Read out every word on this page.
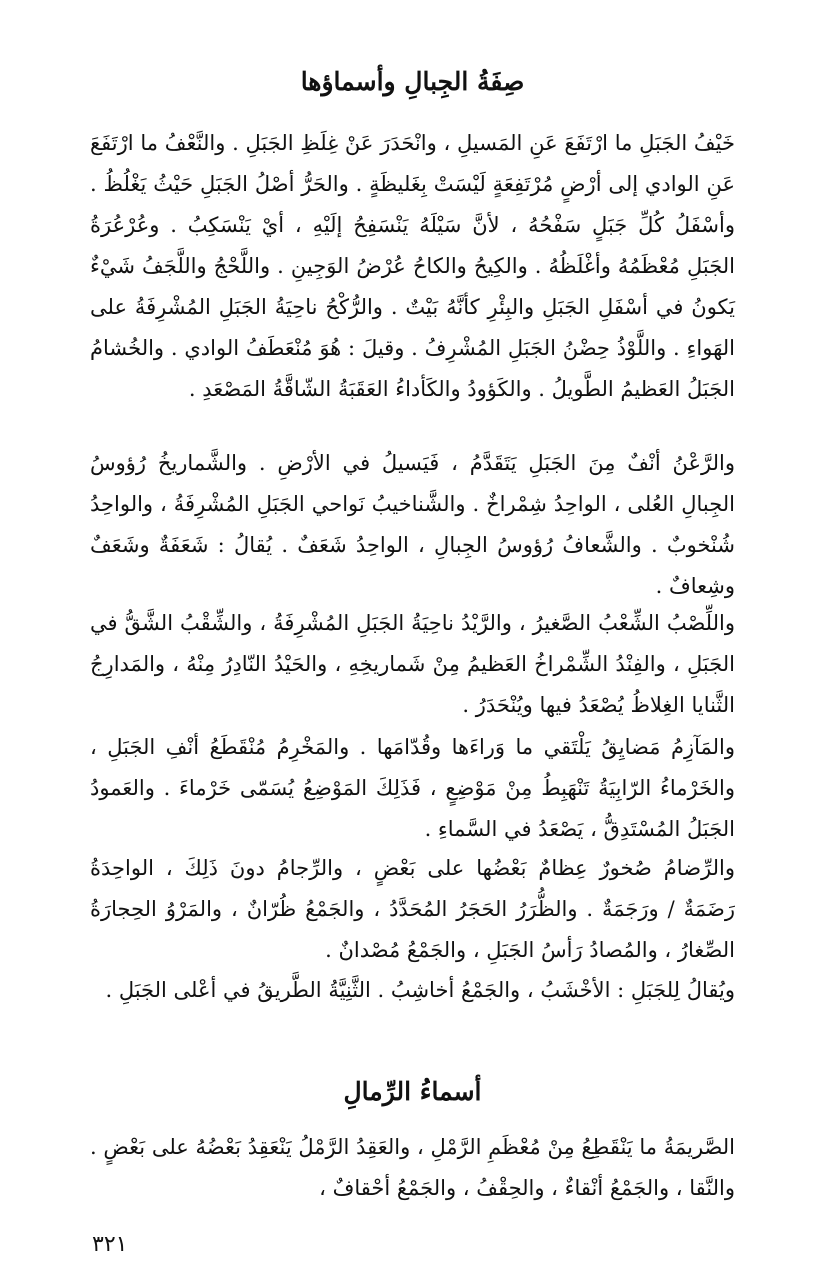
صِفَةُ الجِبالِ وأسماؤها

خَيْفُ الجَبَلِ ما ارْتَفَعَ عَنِ المَسيلِ ، وانْحَدَرَ عَنْ غِلَظِ الجَبَلِ . والنَّعْفُ ما ارْتَفَعَ عَنِ الوادي إلى أرْضٍ مُرْتَفِعَةٍ لَيْسَتْ بِغَليظَةٍ . والحَرُّ أصْلُ الجَبَلِ حَيْثُ يَغْلُظُ . وأسْفَلُ كُلِّ جَبَلٍ سَفْحُهُ ، لأنَّ سَيْلَهُ يَنْسَفِحُ إلَيْهِ ، أيْ يَنْسَكِبُ . وعُرْعُرَةُ الجَبَلِ مُعْظَمُهُ وأغْلَظُهُ . والكِيحُ والكاحُ عُرْضُ الوَجِينِ . واللَّحْجُ واللَّجَفُ شَيْءٌ يَكونُ في أسْفَلِ الجَبَلِ والبِئْرِ كأنَّهُ بَيْتٌ . والرُّكْحُ ناحِيَةُ الجَبَلِ المُشْرِفَةُ على الهَواءِ . واللَّوْذُ حِضْنُ الجَبَلِ المُشْرِفُ . وقيلَ : هُوَ مُنْعَطَفُ الوادي . والخُشامُ الجَبَلُ العَظيمُ الطَّويلُ . والكَؤودُ والكَأداءُ العَقَبَةُ الشّاقَّةُ المَصْعَدِ .

والرَّعْنُ أنْفٌ مِنَ الجَبَلِ يَتَقَدَّمُ ، فَيَسيلُ في الأرْضِ . والشَّماريخُ رُؤوسُ الجِبالِ العُلى ، الواحِدُ شِمْراخٌ . والشَّناخيبُ نَواحي الجَبَلِ المُشْرِفَةُ ، والواحِدُ شُنْخوبٌ . والشَّعافُ رُؤوسُ الجِبالِ ، الواحِدُ شَعَفٌ . يُقالُ : شَعَفَةٌ وشَعَفٌ وشِعافٌ .

واللِّصْبُ الشِّعْبُ الصَّغيرُ ، والرَّيْدُ ناحِيَةُ الجَبَلِ المُشْرِفَةُ ، والشِّقْبُ الشَّقُّ في الجَبَلِ ، والفِنْدُ الشِّمْراخُ العَظيمُ مِنْ شَماريخِهِ ، والحَيْدُ النّادِرُ مِنْهُ ، والمَدارِجُ الثَّنايا الغِلاظُ يُصْعَدُ فيها ويُنْحَدَرُ .

والمَآزِمُ مَضايِقُ يَلْتَقي ما وَراءَها وقُدّامَها . والمَخْرِمُ مُنْقَطَعُ أنْفِ الجَبَلِ ، والخَرْماءُ الرّابِيَةُ تَنْهَبِطُ مِنْ مَوْضِعٍ ، فَذَلِكَ المَوْضِعُ يُسَمّى خَرْماءَ . والعَمودُ الجَبَلُ المُسْتَدِقُّ ، يَصْعَدُ في السَّماءِ .

والرِّضامُ صُخورٌ عِظامٌ بَعْضُها على بَعْضٍ ، والرِّجامُ دونَ ذَلِكَ ، الواحِدَةُ رَضَمَةٌ / ورَجَمَةٌ . والظُّرَرُ الحَجَرُ المُحَدَّدُ ، والجَمْعُ ظُرّانٌ ، والمَرْوُ الحِجارَةُ الصِّغارُ ، والمُصادُ رَأسُ الجَبَلِ ، والجَمْعُ مُصْدانٌ .

ويُقالُ لِلجَبَلِ : الأخْشَبُ ، والجَمْعُ أخاشِبُ . الثَّنِيَّةُ الطَّريقُ في أعْلى الجَبَلِ .

أسماءُ الرِّمالِ

الصَّريمَةُ ما يَنْقَطِعُ مِنْ مُعْظَمِ الرَّمْلِ ، والعَقِدُ الرَّمْلُ يَنْعَقِدُ بَعْضُهُ على بَعْضٍ . والنَّقا ، والجَمْعُ أنْقاءٌ ، والحِقْفُ ، والجَمْعُ أحْقافٌ ،

٣٢١
